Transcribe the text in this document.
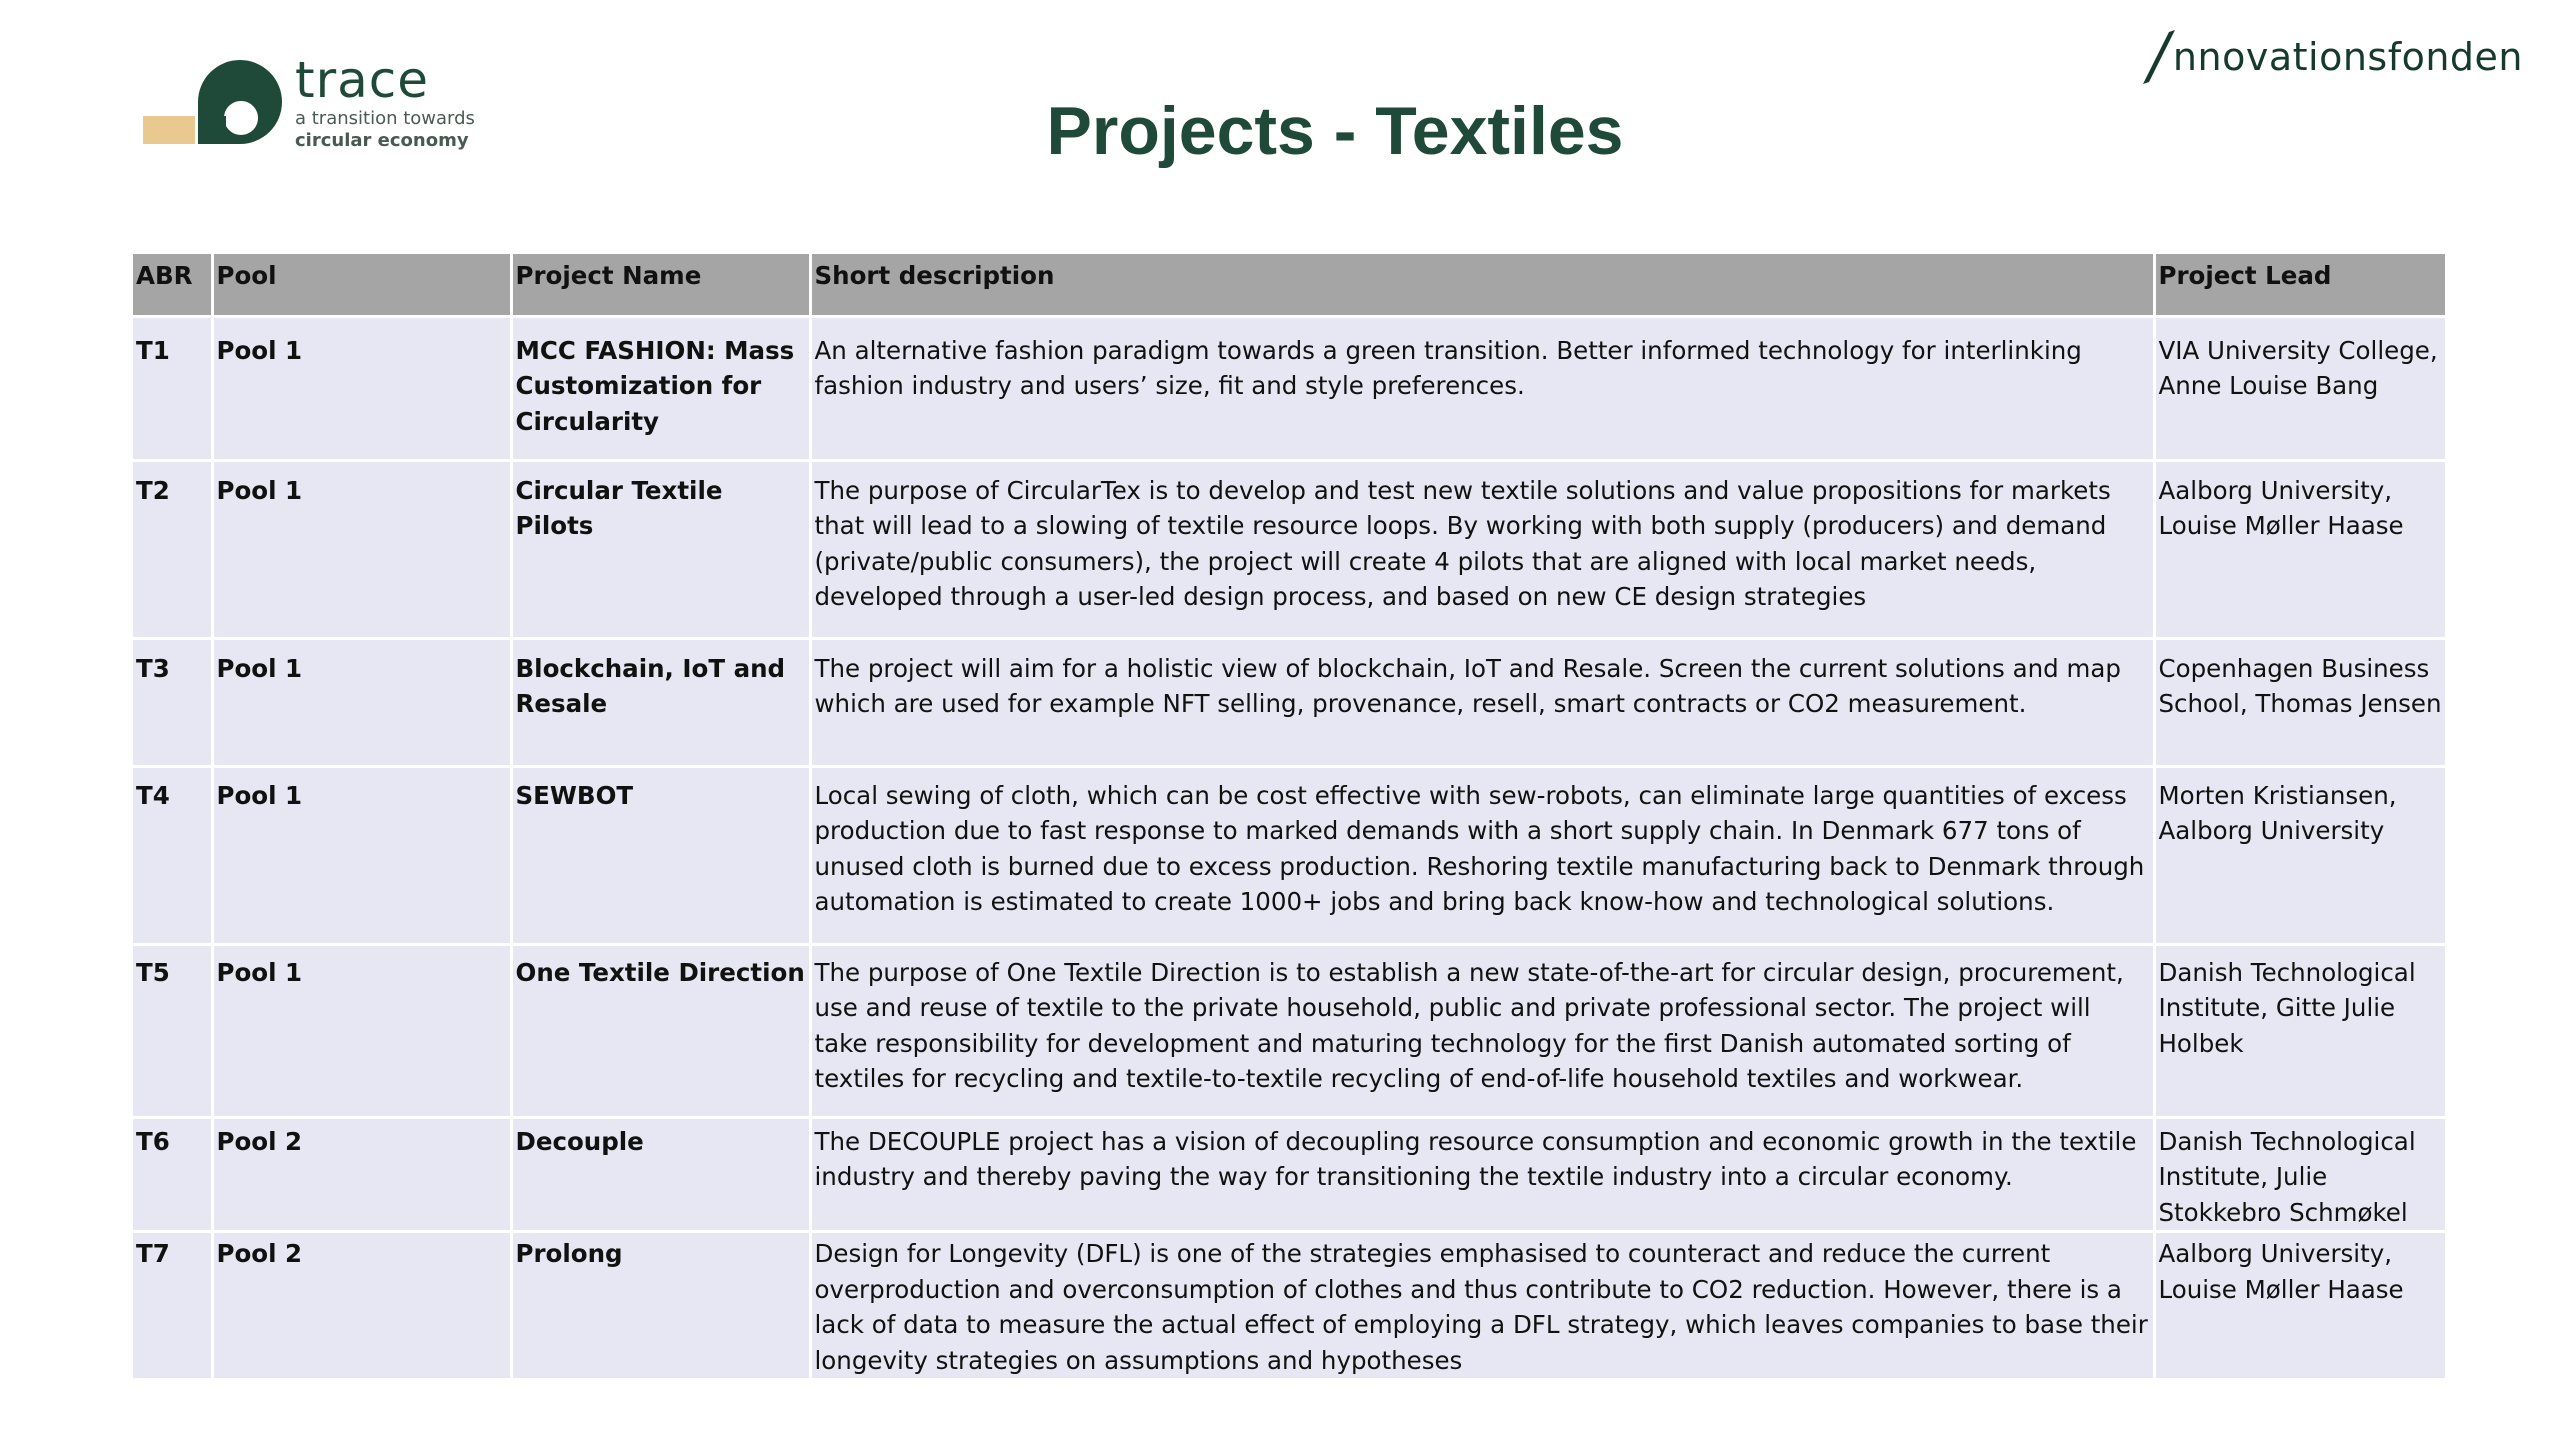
trace
a transition towards
circular economy
nnovationsfonden
Projects - Textiles
ABR	Pool	Project Name	Short description	Project Lead
T1	Pool 1	MCC FASHION: Mass Customization for Circularity	An alternative fashion paradigm towards a green transition. Better informed technology for interlinking fashion industry and users’ size, fit and style preferences.	VIA University College, Anne Louise Bang
T2	Pool 1	Circular Textile Pilots	The purpose of CircularTex is to develop and test new textile solutions and value propositions for markets that will lead to a slowing of textile resource loops. By working with both supply (producers) and demand (private/public consumers), the project will create 4 pilots that are aligned with local market needs, developed through a user-led design process, and based on new CE design strategies	Aalborg University, Louise Møller Haase
T3	Pool 1	Blockchain, IoT and Resale	The project will aim for a holistic view of blockchain, IoT and Resale. Screen the current solutions and map which are used for example NFT selling, provenance, resell, smart contracts or CO2 measurement.	Copenhagen Business School, Thomas Jensen
T4	Pool 1	SEWBOT	Local sewing of cloth, which can be cost effective with sew-robots, can eliminate large quantities of excess production due to fast response to marked demands with a short supply chain. In Denmark 677 tons of unused cloth is burned due to excess production. Reshoring textile manufacturing back to Denmark through automation is estimated to create 1000+ jobs and bring back know-how and technological solutions.	Morten Kristiansen, Aalborg University
T5	Pool 1	One Textile Direction	The purpose of One Textile Direction is to establish a new state-of-the-art for circular design, procurement, use and reuse of textile to the private household, public and private professional sector. The project will take responsibility for development and maturing technology for the first Danish automated sorting of textiles for recycling and textile-to-textile recycling of end-of-life household textiles and workwear.	Danish Technological Institute, Gitte Julie Holbek
T6	Pool 2	Decouple	The DECOUPLE project has a vision of decoupling resource consumption and economic growth in the textile industry and thereby paving the way for transitioning the textile industry into a circular economy.	Danish Technological Institute, Julie Stokkebro Schmøkel
T7	Pool 2	Prolong	Design for Longevity (DFL) is one of the strategies emphasised to counteract and reduce the current overproduction and overconsumption of clothes and thus contribute to CO2 reduction. However, there is a lack of data to measure the actual effect of employing a DFL strategy, which leaves companies to base their longevity strategies on assumptions and hypotheses	Aalborg University, Louise Møller Haase
